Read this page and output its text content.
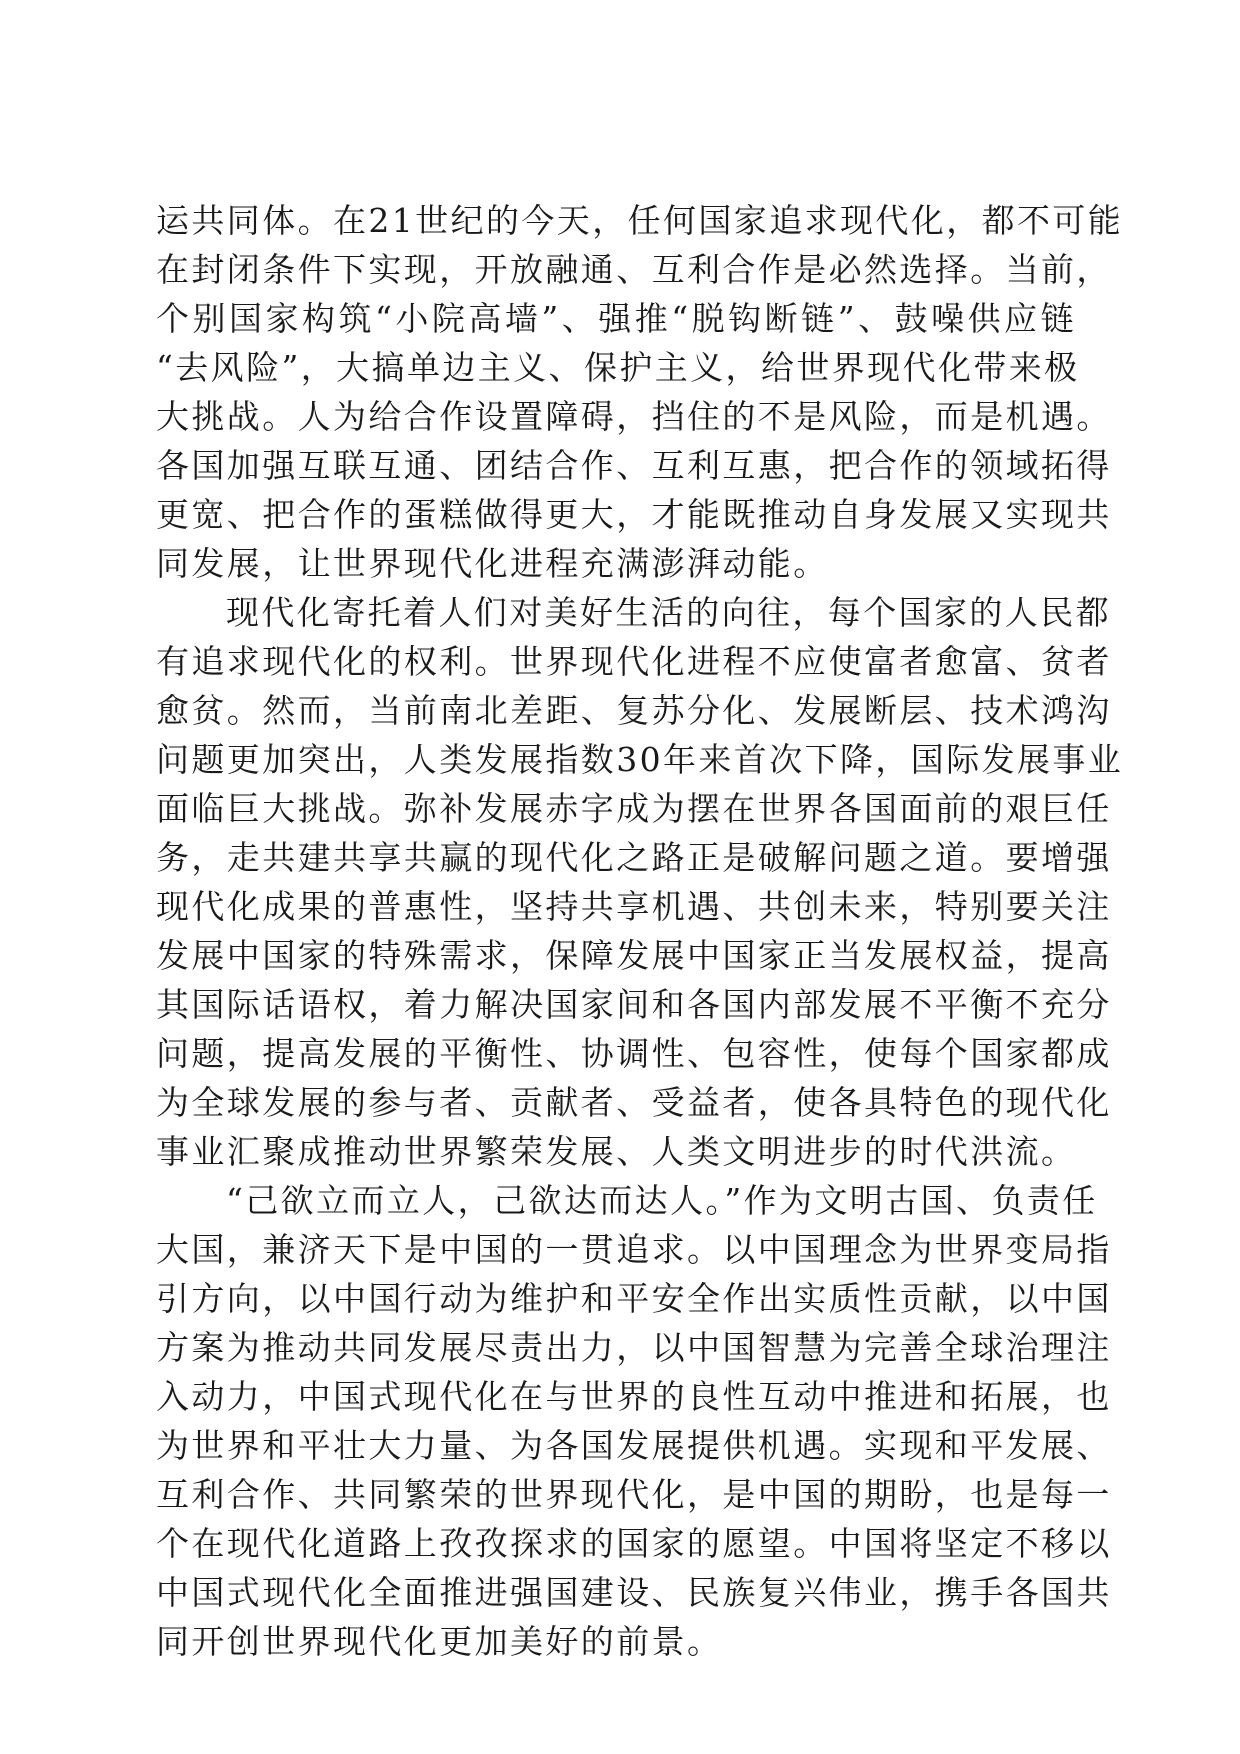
运共同体。在21世纪的今天，任何国家追求现代化，都不可能
在封闭条件下实现，开放融通、互利合作是必然选择。当前，
个别国家构筑“小院高墙”、强推“脱钩断链”、鼓噪供应链
“去风险”，大搞单边主义、保护主义，给世界现代化带来极
大挑战。人为给合作设置障碍，挡住的不是风险，而是机遇。
各国加强互联互通、团结合作、互利互惠，把合作的领域拓得
更宽、把合作的蛋糕做得更大，才能既推动自身发展又实现共
同发展，让世界现代化进程充满澎湃动能。
现代化寄托着人们对美好生活的向往，每个国家的人民都
有追求现代化的权利。世界现代化进程不应使富者愈富、贫者
愈贫。然而，当前南北差距、复苏分化、发展断层、技术鸿沟
问题更加突出，人类发展指数30年来首次下降，国际发展事业
面临巨大挑战。弥补发展赤字成为摆在世界各国面前的艰巨任
务，走共建共享共赢的现代化之路正是破解问题之道。要增强
现代化成果的普惠性，坚持共享机遇、共创未来，特别要关注
发展中国家的特殊需求，保障发展中国家正当发展权益，提高
其国际话语权，着力解决国家间和各国内部发展不平衡不充分
问题，提高发展的平衡性、协调性、包容性，使每个国家都成
为全球发展的参与者、贡献者、受益者，使各具特色的现代化
事业汇聚成推动世界繁荣发展、人类文明进步的时代洪流。
“己欲立而立人，己欲达而达人。”作为文明古国、负责任
大国，兼济天下是中国的一贯追求。以中国理念为世界变局指
引方向，以中国行动为维护和平安全作出实质性贡献，以中国
方案为推动共同发展尽责出力，以中国智慧为完善全球治理注
入动力，中国式现代化在与世界的良性互动中推进和拓展，也
为世界和平壮大力量、为各国发展提供机遇。实现和平发展、
互利合作、共同繁荣的世界现代化，是中国的期盼，也是每一
个在现代化道路上孜孜探求的国家的愿望。中国将坚定不移以
中国式现代化全面推进强国建设、民族复兴伟业，携手各国共
同开创世界现代化更加美好的前景。
